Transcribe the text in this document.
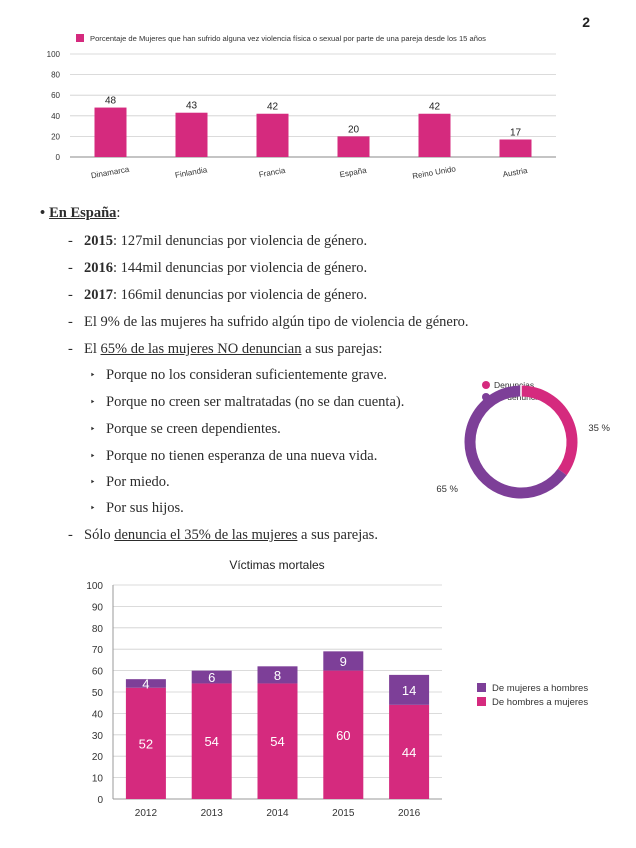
2
Porcentaje de Mujeres que han sufrido alguna vez violencia física o sexual por parte de una pareja desde los 15 años
100
80
60
40
20
0
48
Dinamarca
43
Finlandia
42
Francia
20
España
42
Reino Unido
17
Austria
• En España:
- 2015: 127mil denuncias por violencia de género.
- 2016: 144mil denuncias por violencia de género.
- 2017: 166mil denuncias por violencia de género.
- El 9% de las mujeres ha sufrido algún tipo de violencia de género.
- El 65% de las mujeres NO denuncian a sus parejas:
‣ Porque no los consideran suficientemente grave.
‣ Porque no creen ser maltratadas (no se dan cuenta).
‣ Porque se creen dependientes.
‣ Porque no tienen esperanza de una nueva vida.
‣ Por miedo.
‣ Por sus hijos.
- Sólo denuncia el 35% de las mujeres a sus parejas.
Denuncias
No denuncias
35 %
65 %
Víctimas mortales
100
90
80
70
60
50
40
30
20
10
0
52
4
2012
54
6
2013
54
8
2014
60
9
2015
44
14
2016
De mujeres a hombres
De hombres a mujeres
